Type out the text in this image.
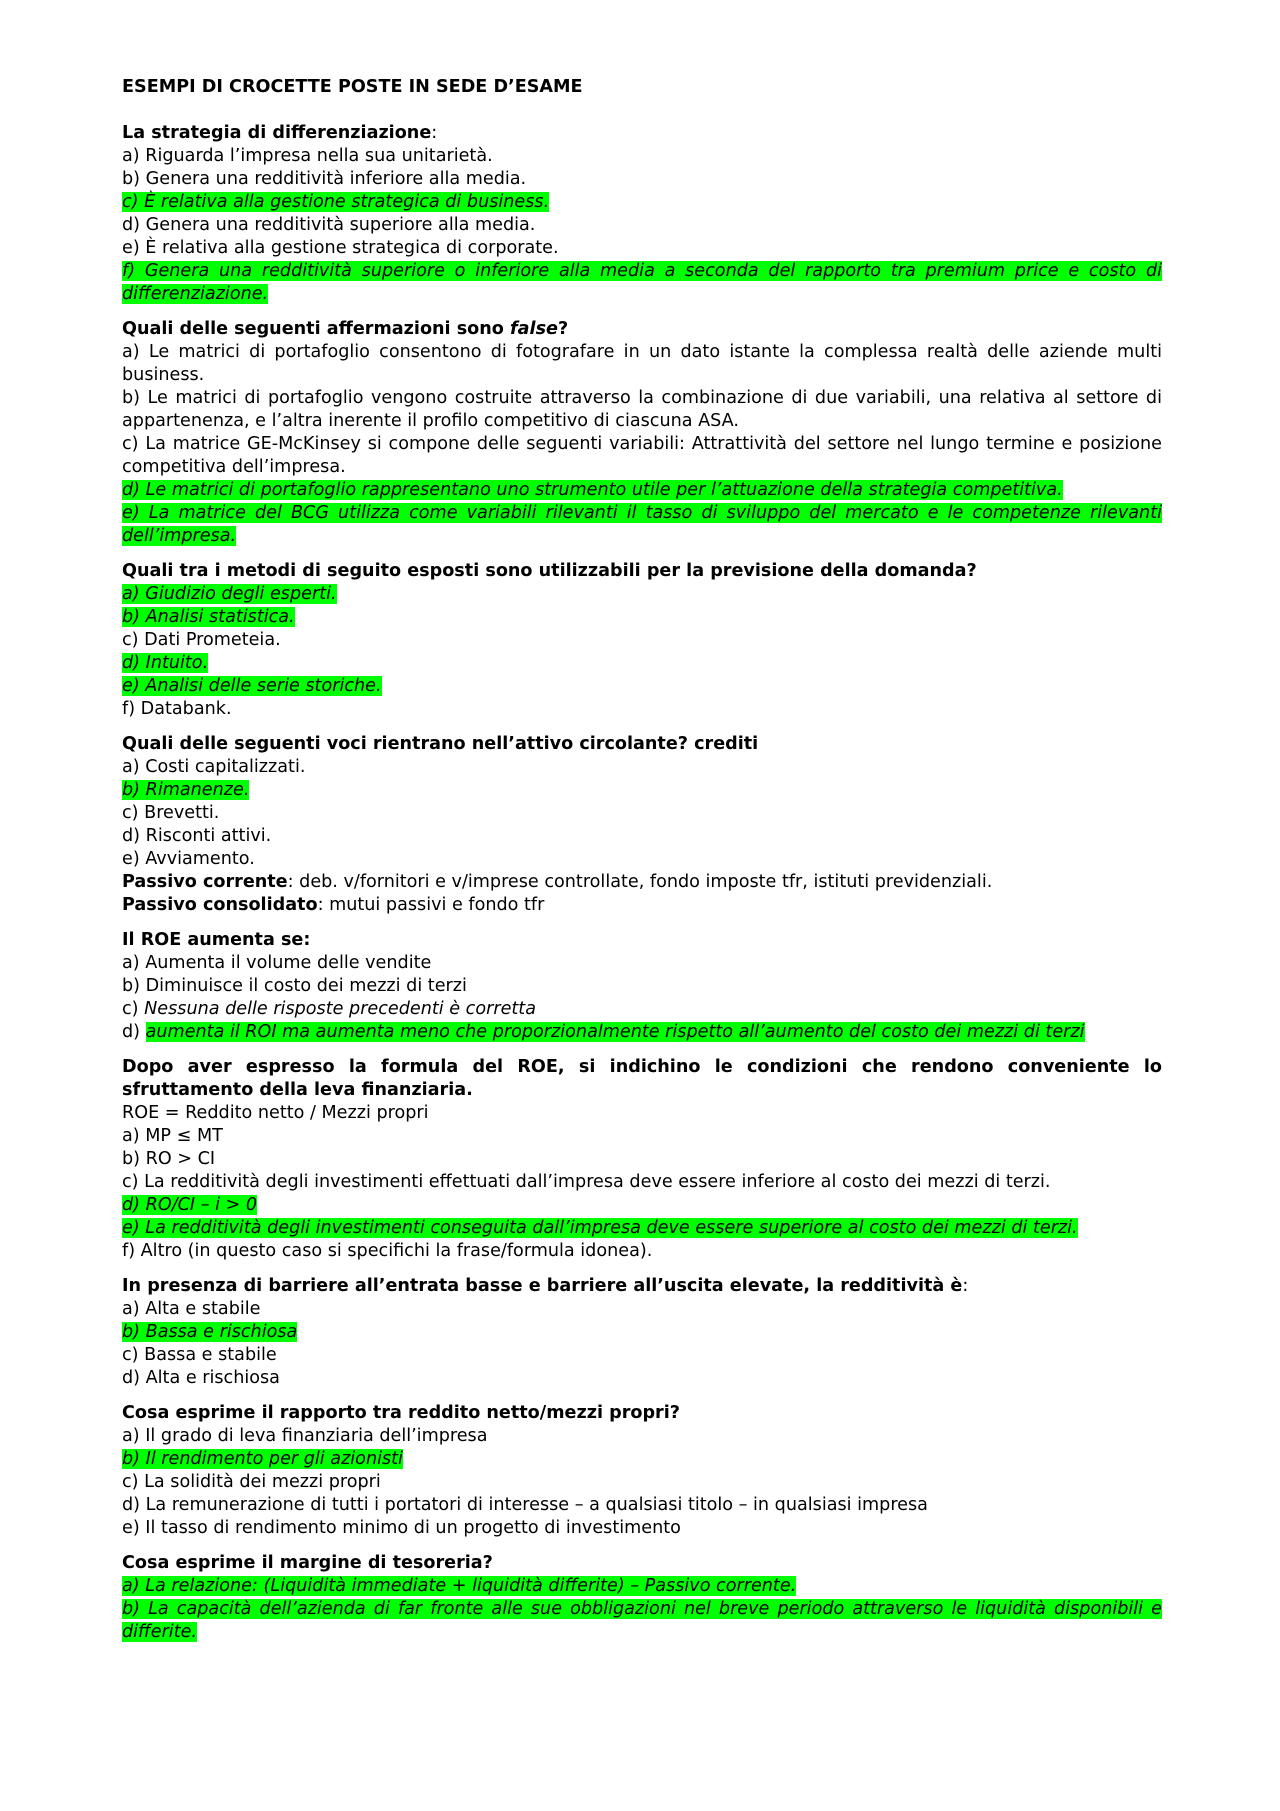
ESEMPI DI CROCETTE POSTE IN SEDE D’ESAME
La strategia di differenziazione:
a) Riguarda l’impresa nella sua unitarietà.
b) Genera una redditività inferiore alla media.
c) È relativa alla gestione strategica di business.
d) Genera una redditività superiore alla media.
e) È relativa alla gestione strategica di corporate.
f) Genera una redditività superiore o inferiore alla media a seconda del rapporto tra premium price e costo di differenziazione.
Quali delle seguenti affermazioni sono false?
a) Le matrici di portafoglio consentono di fotografare in un dato istante la complessa realtà delle aziende multi business.
b) Le matrici di portafoglio vengono costruite attraverso la combinazione di due variabili, una relativa al settore di appartenenza, e l’altra inerente il profilo competitivo di ciascuna ASA.
c) La matrice GE-McKinsey si compone delle seguenti variabili: Attrattività del settore nel lungo termine e posizione competitiva dell’impresa.
d) Le matrici di portafoglio rappresentano uno strumento utile per l’attuazione della strategia competitiva.
e) La matrice del BCG utilizza come variabili rilevanti il tasso di sviluppo del mercato e le competenze rilevanti dell’impresa.
Quali tra i metodi di seguito esposti sono utilizzabili per la previsione della domanda?
a) Giudizio degli esperti.
b) Analisi statistica.
c) Dati Prometeia.
d) Intuito.
e) Analisi delle serie storiche.
f) Databank.
Quali delle seguenti voci rientrano nell’attivo circolante? crediti
a) Costi capitalizzati.
b) Rimanenze.
c) Brevetti.
d) Risconti attivi.
e) Avviamento.
Passivo corrente: deb. v/fornitori e v/imprese controllate, fondo imposte tfr, istituti previdenziali.
Passivo consolidato: mutui passivi e fondo tfr
Il ROE aumenta se:
a) Aumenta il volume delle vendite
b) Diminuisce il costo dei mezzi di terzi
c) Nessuna delle risposte precedenti è corretta
d) aumenta il ROI ma aumenta meno che proporzionalmente rispetto all’aumento del costo dei mezzi di terzi
Dopo aver espresso la formula del ROE, si indichino le condizioni che rendono conveniente lo sfruttamento della leva finanziaria.
ROE = Reddito netto / Mezzi propri
a) MP ≤ MT
b) RO > CI
c) La redditività degli investimenti effettuati dall’impresa deve essere inferiore al costo dei mezzi di terzi.
d) RO/CI – i > 0
e) La redditività degli investimenti conseguita dall’impresa deve essere superiore al costo dei mezzi di terzi.
f) Altro (in questo caso si specifichi la frase/formula idonea).
In presenza di barriere all’entrata basse e barriere all’uscita elevate, la redditività è:
a) Alta e stabile
b) Bassa e rischiosa
c) Bassa e stabile
d) Alta e rischiosa
Cosa esprime il rapporto tra reddito netto/mezzi propri?
a) Il grado di leva finanziaria dell’impresa
b) Il rendimento per gli azionisti
c) La solidità dei mezzi propri
d) La remunerazione di tutti i portatori di interesse – a qualsiasi titolo – in qualsiasi impresa
e) Il tasso di rendimento minimo di un progetto di investimento
Cosa esprime il margine di tesoreria?
a) La relazione: (Liquidità immediate + liquidità differite) – Passivo corrente.
b) La capacità dell’azienda di far fronte alle sue obbligazioni nel breve periodo attraverso le liquidità disponibili e differite.
